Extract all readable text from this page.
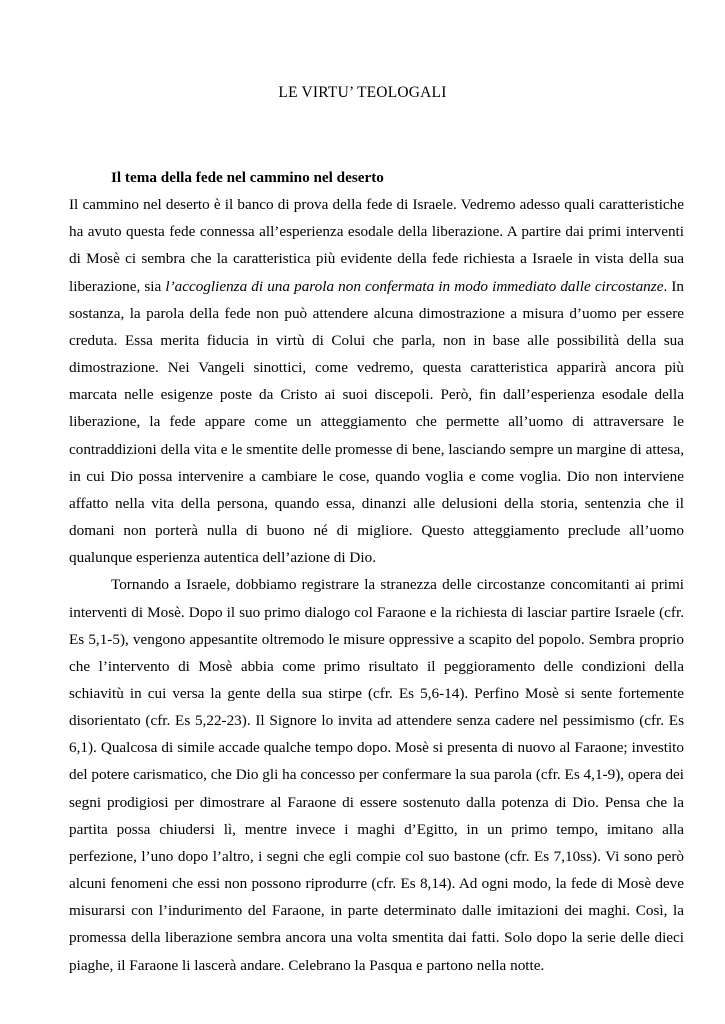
LE VIRTU’ TEOLOGALI

Il tema della fede nel cammino nel deserto

Il cammino nel deserto è il banco di prova della fede di Israele. Vedremo adesso quali caratteristiche ha avuto questa fede connessa all’esperienza esodale della liberazione. A partire dai primi interventi di Mosè ci sembra che la caratteristica più evidente della fede richiesta a Israele in vista della sua liberazione, sia l’accoglienza di una parola non confermata in modo immediato dalle circostanze. In sostanza, la parola della fede non può attendere alcuna dimostrazione a misura d’uomo per essere creduta. Essa merita fiducia in virtù di Colui che parla, non in base alle possibilità della sua dimostrazione. Nei Vangeli sinottici, come vedremo, questa caratteristica apparirà ancora più marcata nelle esigenze poste da Cristo ai suoi discepoli. Però, fin dall’esperienza esodale della liberazione, la fede appare come un atteggiamento che permette all’uomo di attraversare le contraddizioni della vita e le smentite delle promesse di bene, lasciando sempre un margine di attesa, in cui Dio possa intervenire a cambiare le cose, quando voglia e come voglia. Dio non interviene affatto nella vita della persona, quando essa, dinanzi alle delusioni della storia, sentenzia che il domani non porterà nulla di buono né di migliore. Questo atteggiamento preclude all’uomo qualunque esperienza autentica dell’azione di Dio.

Tornando a Israele, dobbiamo registrare la stranezza delle circostanze concomitanti ai primi interventi di Mosè. Dopo il suo primo dialogo col Faraone e la richiesta di lasciar partire Israele (cfr. Es 5,1-5), vengono appesantite oltremodo le misure oppressive a scapito del popolo. Sembra proprio che l’intervento di Mosè abbia come primo risultato il peggioramento delle condizioni della schiavitù in cui versa la gente della sua stirpe (cfr. Es 5,6-14). Perfino Mosè si sente fortemente disorientato (cfr. Es 5,22-23). Il Signore lo invita ad attendere senza cadere nel pessimismo (cfr. Es 6,1). Qualcosa di simile accade qualche tempo dopo. Mosè si presenta di nuovo al Faraone; investito del potere carismatico, che Dio gli ha concesso per confermare la sua parola (cfr. Es 4,1-9), opera dei segni prodigiosi per dimostrare al Faraone di essere sostenuto dalla potenza di Dio. Pensa che la partita possa chiudersi lì, mentre invece i maghi d’Egitto, in un primo tempo, imitano alla perfezione, l’uno dopo l’altro, i segni che egli compie col suo bastone (cfr. Es 7,10ss). Vi sono però alcuni fenomeni che essi non possono riprodurre (cfr. Es 8,14). Ad ogni modo, la fede di Mosè deve misurarsi con l’indurimento del Faraone, in parte determinato dalle imitazioni dei maghi. Così, la promessa della liberazione sembra ancora una volta smentita dai fatti. Solo dopo la serie delle dieci piaghe, il Faraone li lascerà andare. Celebrano la Pasqua e partono nella notte.
